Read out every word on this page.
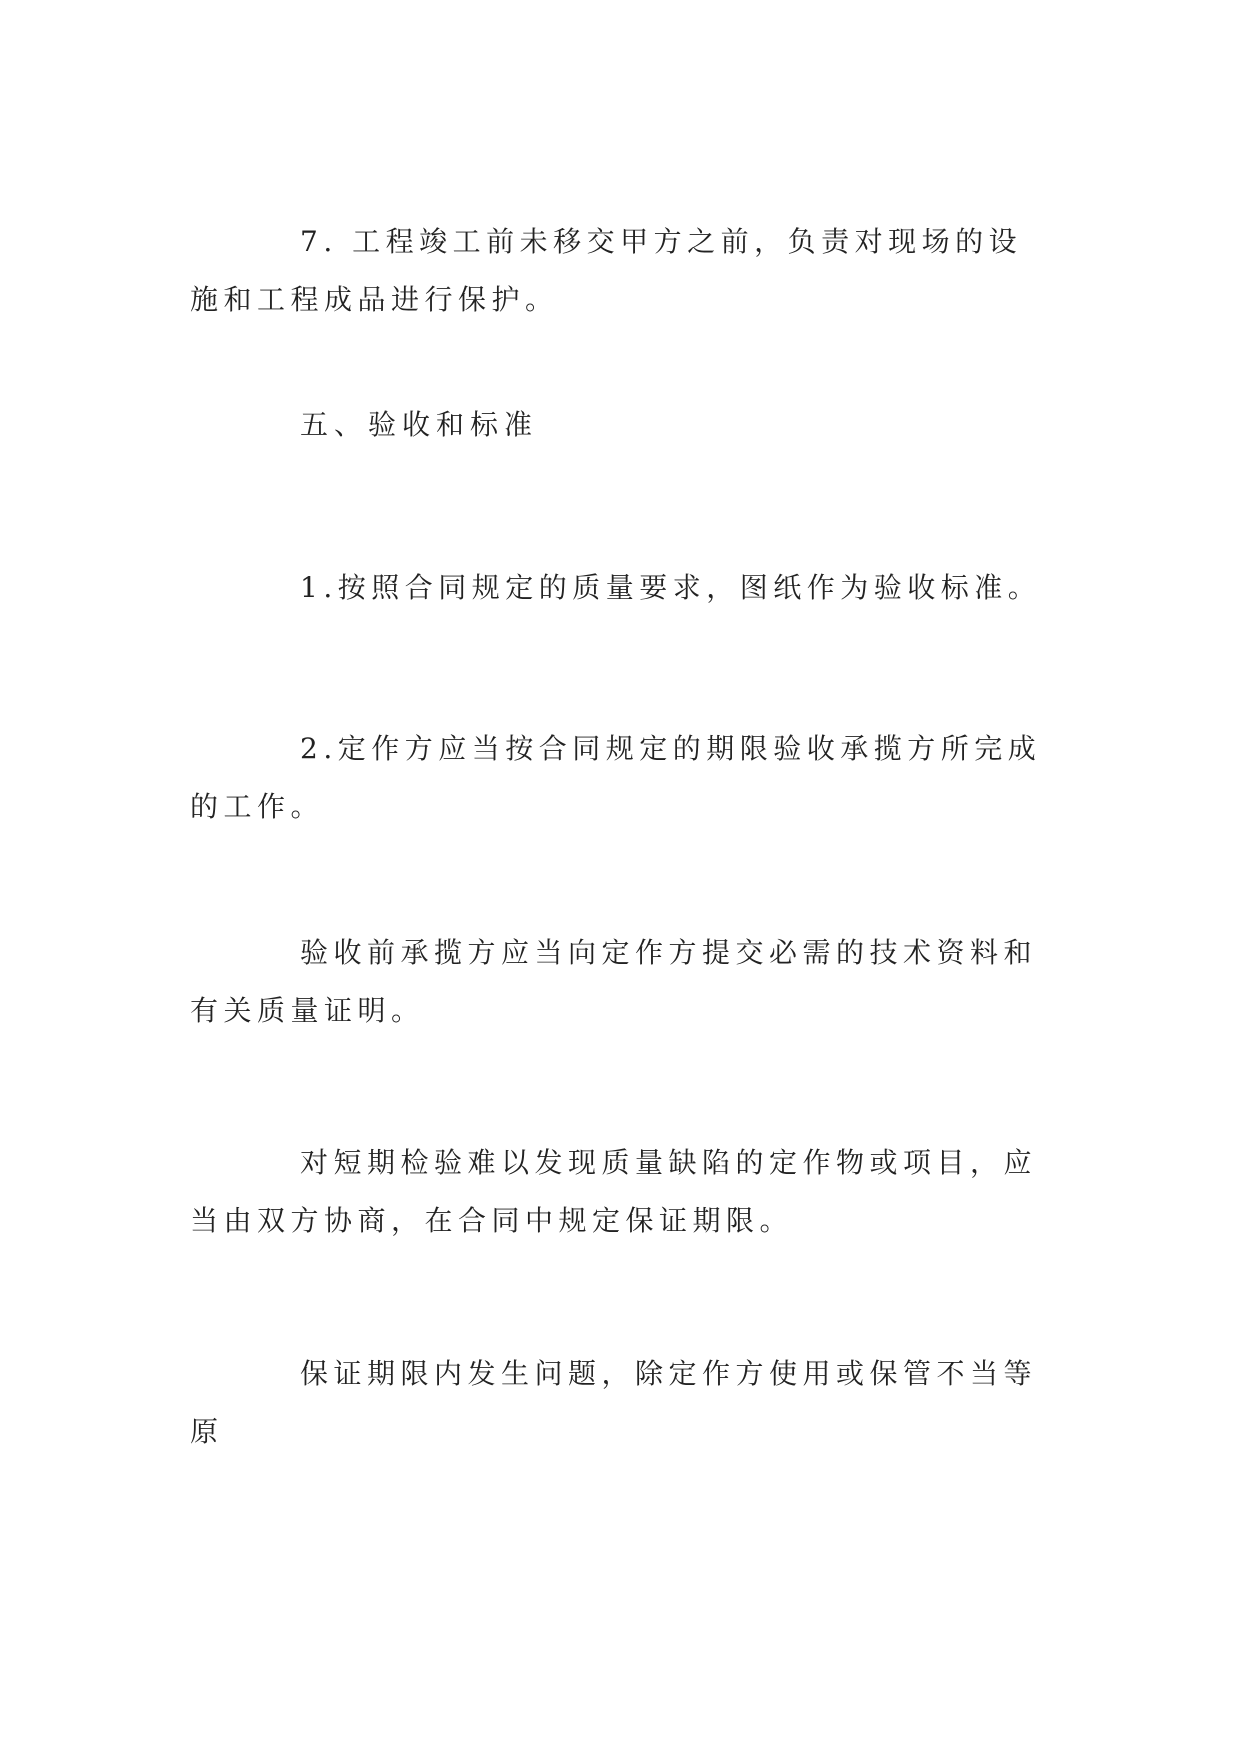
7. 工程竣工前未移交甲方之前，负责对现场的设施和工程成品进行保护。

五、验收和标准

1.按照合同规定的质量要求，图纸作为验收标准。

2.定作方应当按合同规定的期限验收承揽方所完成的工作。

验收前承揽方应当向定作方提交必需的技术资料和有关质量证明。

对短期检验难以发现质量缺陷的定作物或项目，应当由双方协商，在合同中规定保证期限。

保证期限内发生问题，除定作方使用或保管不当等原
